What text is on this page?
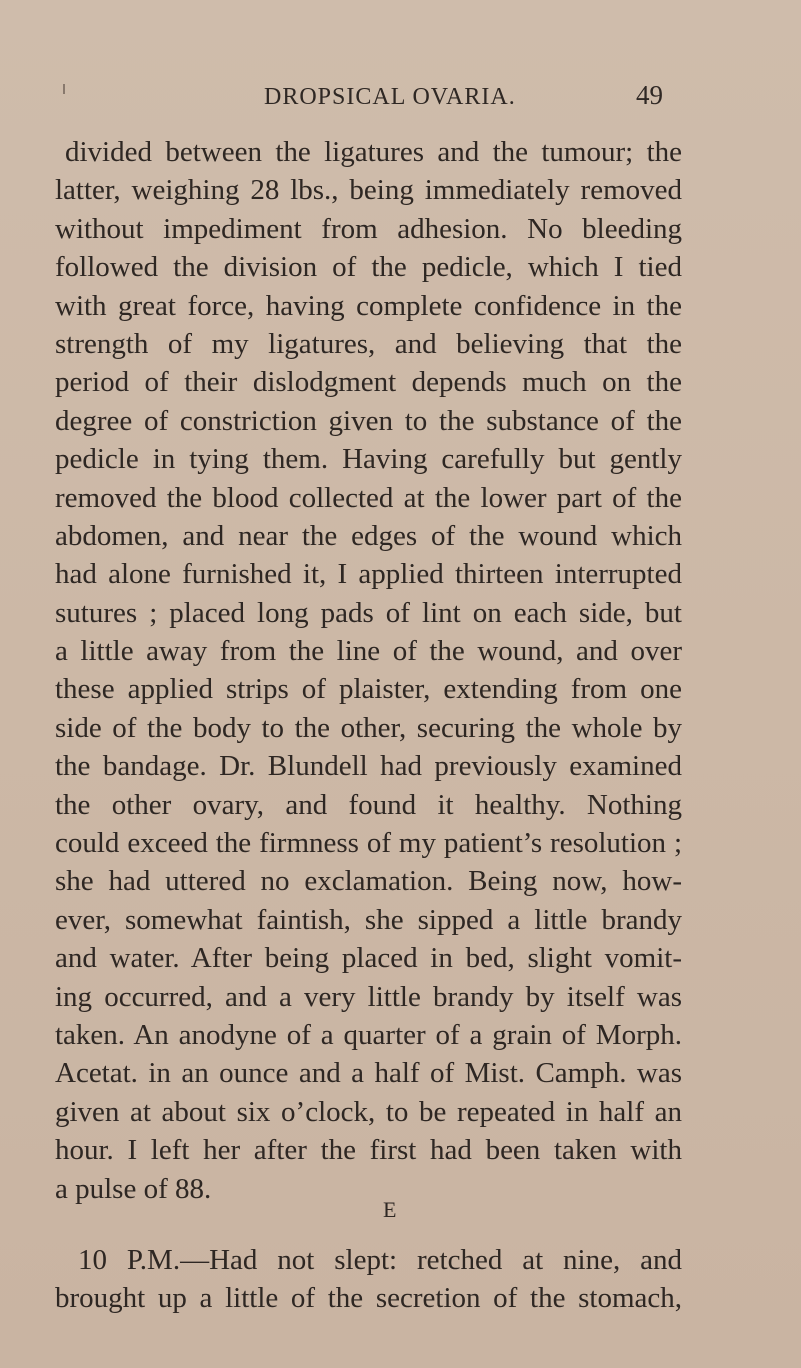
DROPSICAL OVARIA.	49
divided between the ligatures and the tumour; the
latter, weighing 28 lbs., being immediately removed
without impediment from adhesion. No bleeding
followed the division of the pedicle, which I tied
with great force, having complete confidence in the
strength of my ligatures, and believing that the
period of their dislodgment depends much on the
degree of constriction given to the substance of the
pedicle in tying them. Having carefully but gently
removed the blood collected at the lower part of the
abdomen, and near the edges of the wound which
had alone furnished it, I applied thirteen interrupted
sutures ; placed long pads of lint on each side, but
a little away from the line of the wound, and over
these applied strips of plaister, extending from one
side of the body to the other, securing the whole by
the bandage. Dr. Blundell had previously examined
the other ovary, and found it healthy. Nothing
could exceed the firmness of my patient’s resolution ;
she had uttered no exclamation. Being now, how-
ever, somewhat faintish, she sipped a little brandy
and water. After being placed in bed, slight vomit-
ing occurred, and a very little brandy by itself was
taken. An anodyne of a quarter of a grain of Morph.
Acetat. in an ounce and a half of Mist. Camph. was
given at about six o’clock, to be repeated in half an
hour. I left her after the first had been taken with
a pulse of 88.
10 P.M.—Had not slept: retched at nine, and
brought up a little of the secretion of the stomach,
E
